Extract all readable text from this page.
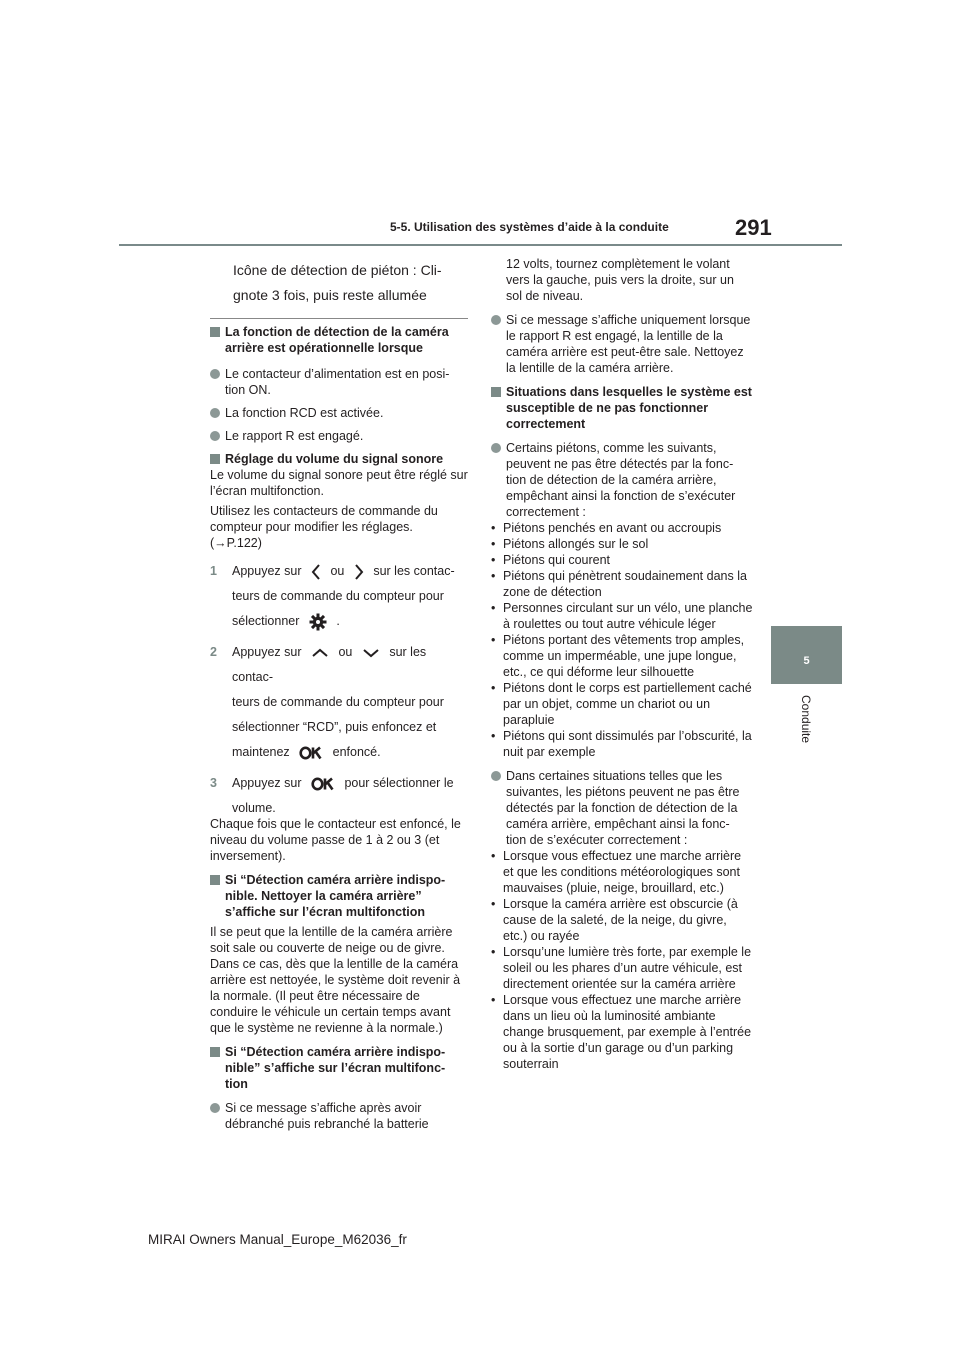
5-5. Utilisation des systèmes d’aide à la conduite	291
5
Conduite
Icône de détection de piéton : Cli-
gnote 3 fois, puis reste allumée

La fonction de détection de la caméra arrière est opérationnelle lorsque

Le contacteur d’alimentation est en posi- tion ON.

La fonction RCD est activée.

Le rapport R est engagé.

Réglage du volume du signal sonore

Le volume du signal sonore peut être réglé sur l’écran multifonction.

Utilisez les contacteurs de commande du compteur pour modifier les réglages.

(→P.122)

1 Appuyez sur ou sur les contac-
teurs de commande du compteur pour
sélectionner	.
2 Appuyez sur	ou	sur les contac-
teurs de commande du compteur pour
sélectionner “RCD”, puis enfoncez et
maintenez	enfoncé.
3 Appuyez sur	pour sélectionner le
volume.

Chaque fois que le contacteur est enfoncé, le niveau du volume passe de 1 à 2 ou 3 (et inversement).

Si “Détection caméra arrière indispo- nible. Nettoyer la caméra arrière” s’affiche sur l’écran multifonction

Il se peut que la lentille de la caméra arrière soit sale ou couverte de neige ou de givre. Dans ce cas, dès que la lentille de la caméra arrière est nettoyée, le système doit revenir à la normale. (Il peut être nécessaire de conduire le véhicule un certain temps avant que le système ne revienne à la normale.)

Si “Détection caméra arrière indispo- nible” s’affiche sur l’écran multifonc- tion

Si ce message s’affiche après avoir débranché puis rebranché la batterie

12 volts, tournez complètement le volant vers la gauche, puis vers la droite, sur un sol de niveau.

Si ce message s’affiche uniquement lorsque le rapport R est engagé, la lentille de la caméra arrière est peut-être sale. Nettoyez la lentille de la caméra arrière.

Situations dans lesquelles le système est susceptible de ne pas fonctionner correctement

Certains piétons, comme les suivants, peuvent ne pas être détectés par la fonc- tion de détection de la caméra arrière, empêchant ainsi la fonction de s’exécuter correctement :

• Piétons penchés en avant ou accroupis

• Piétons allongés sur le sol

• Piétons qui courent

• Piétons qui pénètrent soudainement dans la zone de détection

• Personnes circulant sur un vélo, une planche à roulettes ou tout autre véhicule léger

• Piétons portant des vêtements trop amples, comme un imperméable, une jupe longue, etc., ce qui déforme leur silhouette

• Piétons dont le corps est partiellement caché par un objet, comme un chariot ou un parapluie

• Piétons qui sont dissimulés par l’obscurité, la nuit par exemple

Dans certaines situations telles que les suivantes, les piétons peuvent ne pas être détectés par la fonction de détection de la caméra arrière, empêchant ainsi la fonc- tion de s’exécuter correctement :

• Lorsque vous effectuez une marche arrière et que les conditions météorologiques sont mauvaises (pluie, neige, brouillard, etc.)

• Lorsque la caméra arrière est obscurcie (à cause de la saleté, de la neige, du givre, etc.) ou rayée

• Lorsqu’une lumière très forte, par exemple le soleil ou les phares d’un autre véhicule, est directement orientée sur la caméra arrière

• Lorsque vous effectuez une marche arrière dans un lieu où la luminosité ambiante change brusquement, par exemple à l’entrée ou à la sortie d’un garage ou d’un parking souterrain

MIRAI Owners Manual_Europe_M62036_fr
